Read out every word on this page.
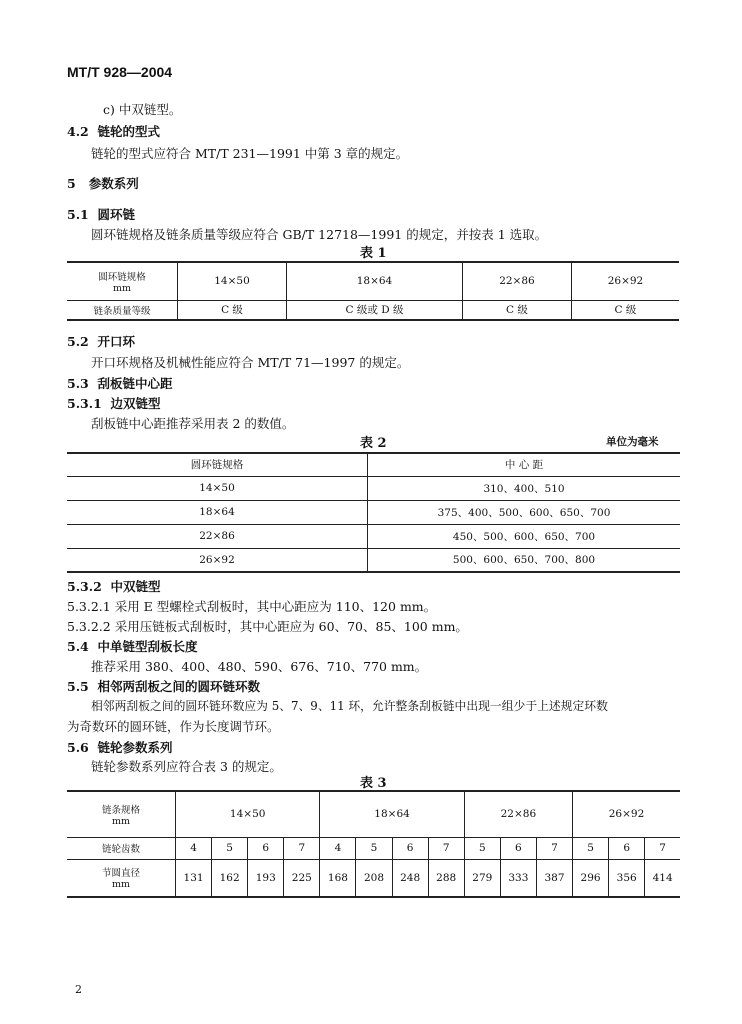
MT/T 928—2004
c) 中双链型。
4.2 链轮的型式
链轮的型式应符合 MT/T 231—1991 中第 3 章的规定。
5 参数系列
5.1 圆环链
圆环链规格及链条质量等级应符合 GB/T 12718—1991 的规定，并按表 1 选取。
表 1
圆环链规格
mm	14×50	18×64	22×86	26×92

链条质量等级	C 级	C 级或 D 级	C 级	C 级
5.2 开口环
开口环规格及机械性能应符合 MT/T 71—1997 的规定。
5.3 刮板链中心距
5.3.1 边双链型
刮板链中心距推荐采用表 2 的数值。
表 2	单位为毫米
圆环链规格	中 心 距
14×50	310、400、510
18×64	375、400、500、600、650、700
22×86	450、500、600、650、700
26×92	500、600、650、700、800
5.3.2 中双链型
5.3.2.1 采用 E 型螺栓式刮板时，其中心距应为 110、120 mm。
5.3.2.2 采用压链板式刮板时，其中心距应为 60、70、85、100 mm。
5.4 中单链型刮板长度
推荐采用 380、400、480、590、676、710、770 mm。
5.5 相邻两刮板之间的圆环链环数
相邻两刮板之间的圆环链环数应为 5、7、9、11 环，允许整条刮板链中出现一组少于上述规定环数
为奇数环的圆环链，作为长度调节环。
5.6 链轮参数系列
链轮参数系列应符合表 3 的规定。
表 3
链条规格
mm	14×50				18×64				22×86			26×92		

链轮齿数	4	5	6	7	4	5	6	7	5	6	7	5	6	7

节圆直径
mm	131	162	193	225	168	208	248	288	279	333	387	296	356	414
2
